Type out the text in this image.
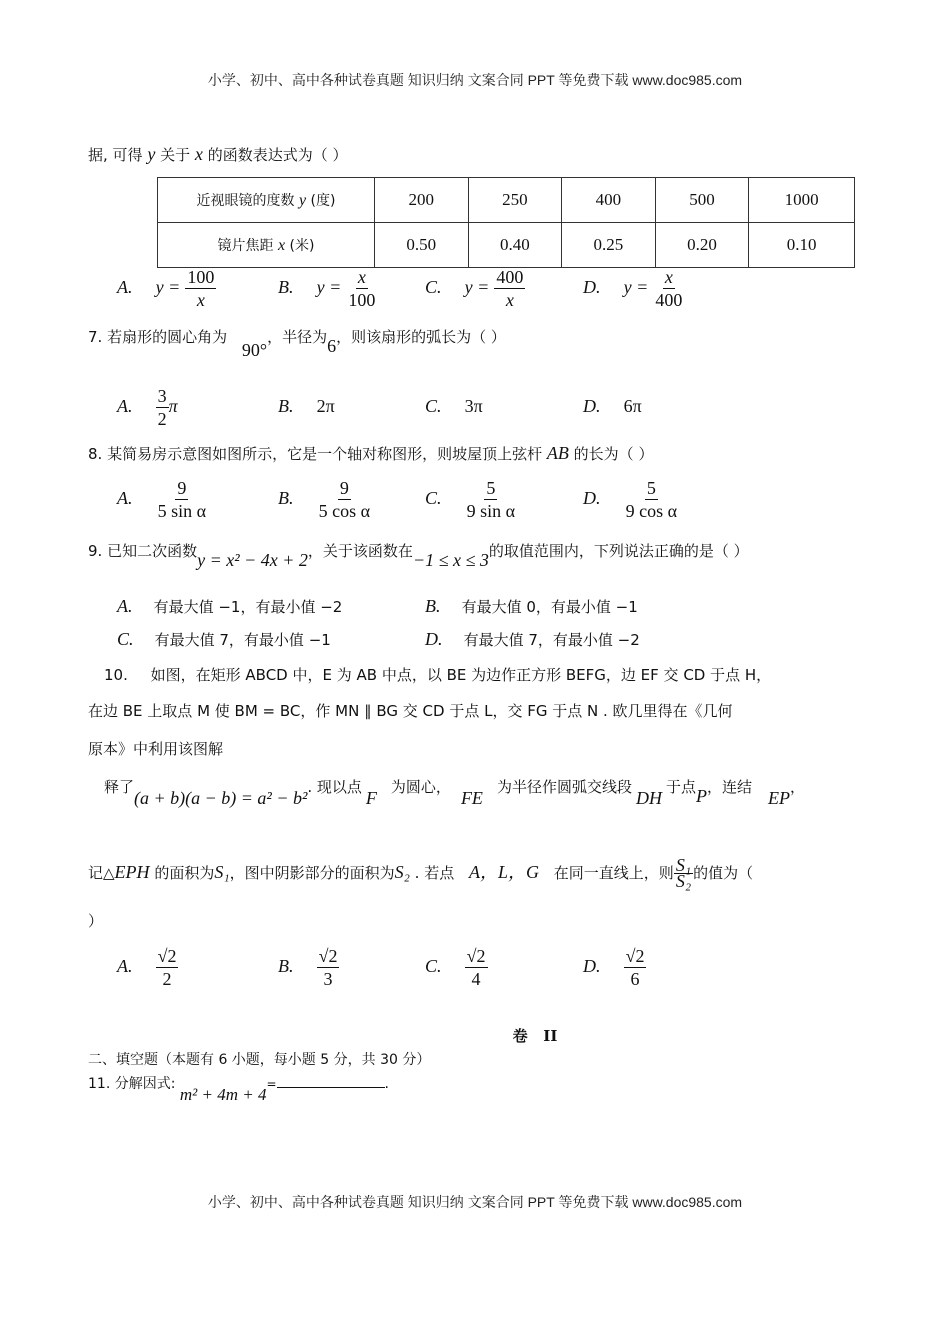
小学、初中、高中各种试卷真题 知识归纳 文案合同 PPT 等免费下载 www.doc985.com
据, 可得 y 关于 x 的函数表达式为（ ）
近视眼镜的度数 y (度)	200	250	400	500	1000
镜片焦距 x (米)	0.50	0.40	0.25	0.20	0.10
A. $y = \frac{100}{x}$	B. $y = \frac{x}{100}$	C. $y = \frac{400}{x}$	D. $y = \frac{x}{400}$
7. 若扇形的圆心角为 90°，半径为6，则该扇形的弧长为（ ）
A. $\frac{3}{2}$ π	B. 2π	C. 3π	D. 6π
8. 某简易房示意图如图所示，它是一个轴对称图形，则坡屋顶上弦杆 AB 的长为（ ）
A. $\frac{9}{\text{5 sin α}}$	B. $\frac{9}{\text{5 cos α}}$	C. $\frac{5}{\text{9 sin α}}$	D. $\frac{5}{\text{9 cos α}}$
9. 已知二次函数y = x² − 4x + 2，关于该函数在−1 ≤ x ≤ 3的取值范围内，下列说法正确的是（ ）
A. 有最大值 −1，有最小值 −2	B. 有最大值 0，有最小值 −1
C. 有最大值 7，有最小值 −1	D. 有最大值 7，有最小值 −2
10. 如图，在矩形 ABCD 中，E 为 AB 中点，以 BE 为边作正方形 BEFG，边 EF 交 CD 于点 H，
在边 BE 上取点 M 使 BM = BC，作 MN ∥ BG 交 CD 于点 L，交 FG 于点 N . 欧几里得在《几何
原本》中利用该图解
释了(a + b)(a − b) = a² − b². 现以点F为圆心，FE为半径作圆弧交线段DH于点P，连结EP，
记△EPH 的面积为S₁，图中阴影部分的面积为S₂ . 若点 A，L，G 在同一直线上，则 $\frac{\text{S₁}}{\text{S₂}}$ 的值为（
）
A. $\frac{√2}{2}$	B. $\frac{√2}{3}$	C. $\frac{√2}{4}$	D. $\frac{√2}{6}$
卷   II
二、填空题（本题有 6 小题，每小题 5 分，共 30 分）
11. 分解因式: m² + 4m + 4=	.
小学、初中、高中各种试卷真题 知识归纳 文案合同 PPT 等免费下载 www.doc985.com
